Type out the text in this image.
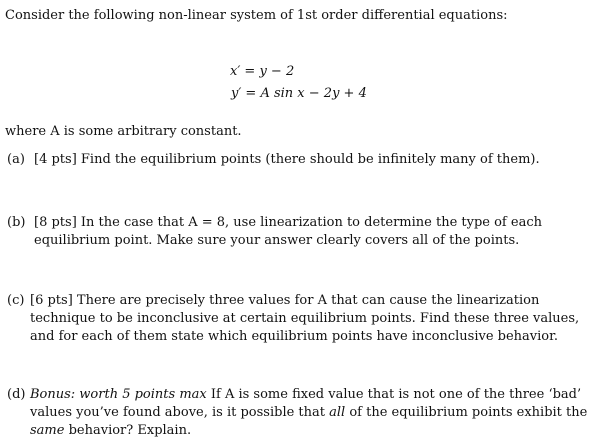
Consider the following non-linear system of 1st order differential equations:
x′ = y − 2
y′ = A sin x − 2y + 4
where A is some arbitrary constant.
(a) [4 pts] Find the equilibrium points (there should be infinitely many of them).
(b) [8 pts] In the case that A = 8, use linearization to determine the type of each equilibrium point. Make sure your answer clearly covers all of the points.
(c) [6 pts] There are precisely three values for A that can cause the linearization technique to be inconclusive at certain equilibrium points. Find these three values, and for each of them state which equilibrium points have inconclusive behavior.
(d) Bonus: worth 5 points max If A is some fixed value that is not one of the three ‘bad’ values you’ve found above, is it possible that all of the equilibrium points exhibit the same behavior? Explain.
